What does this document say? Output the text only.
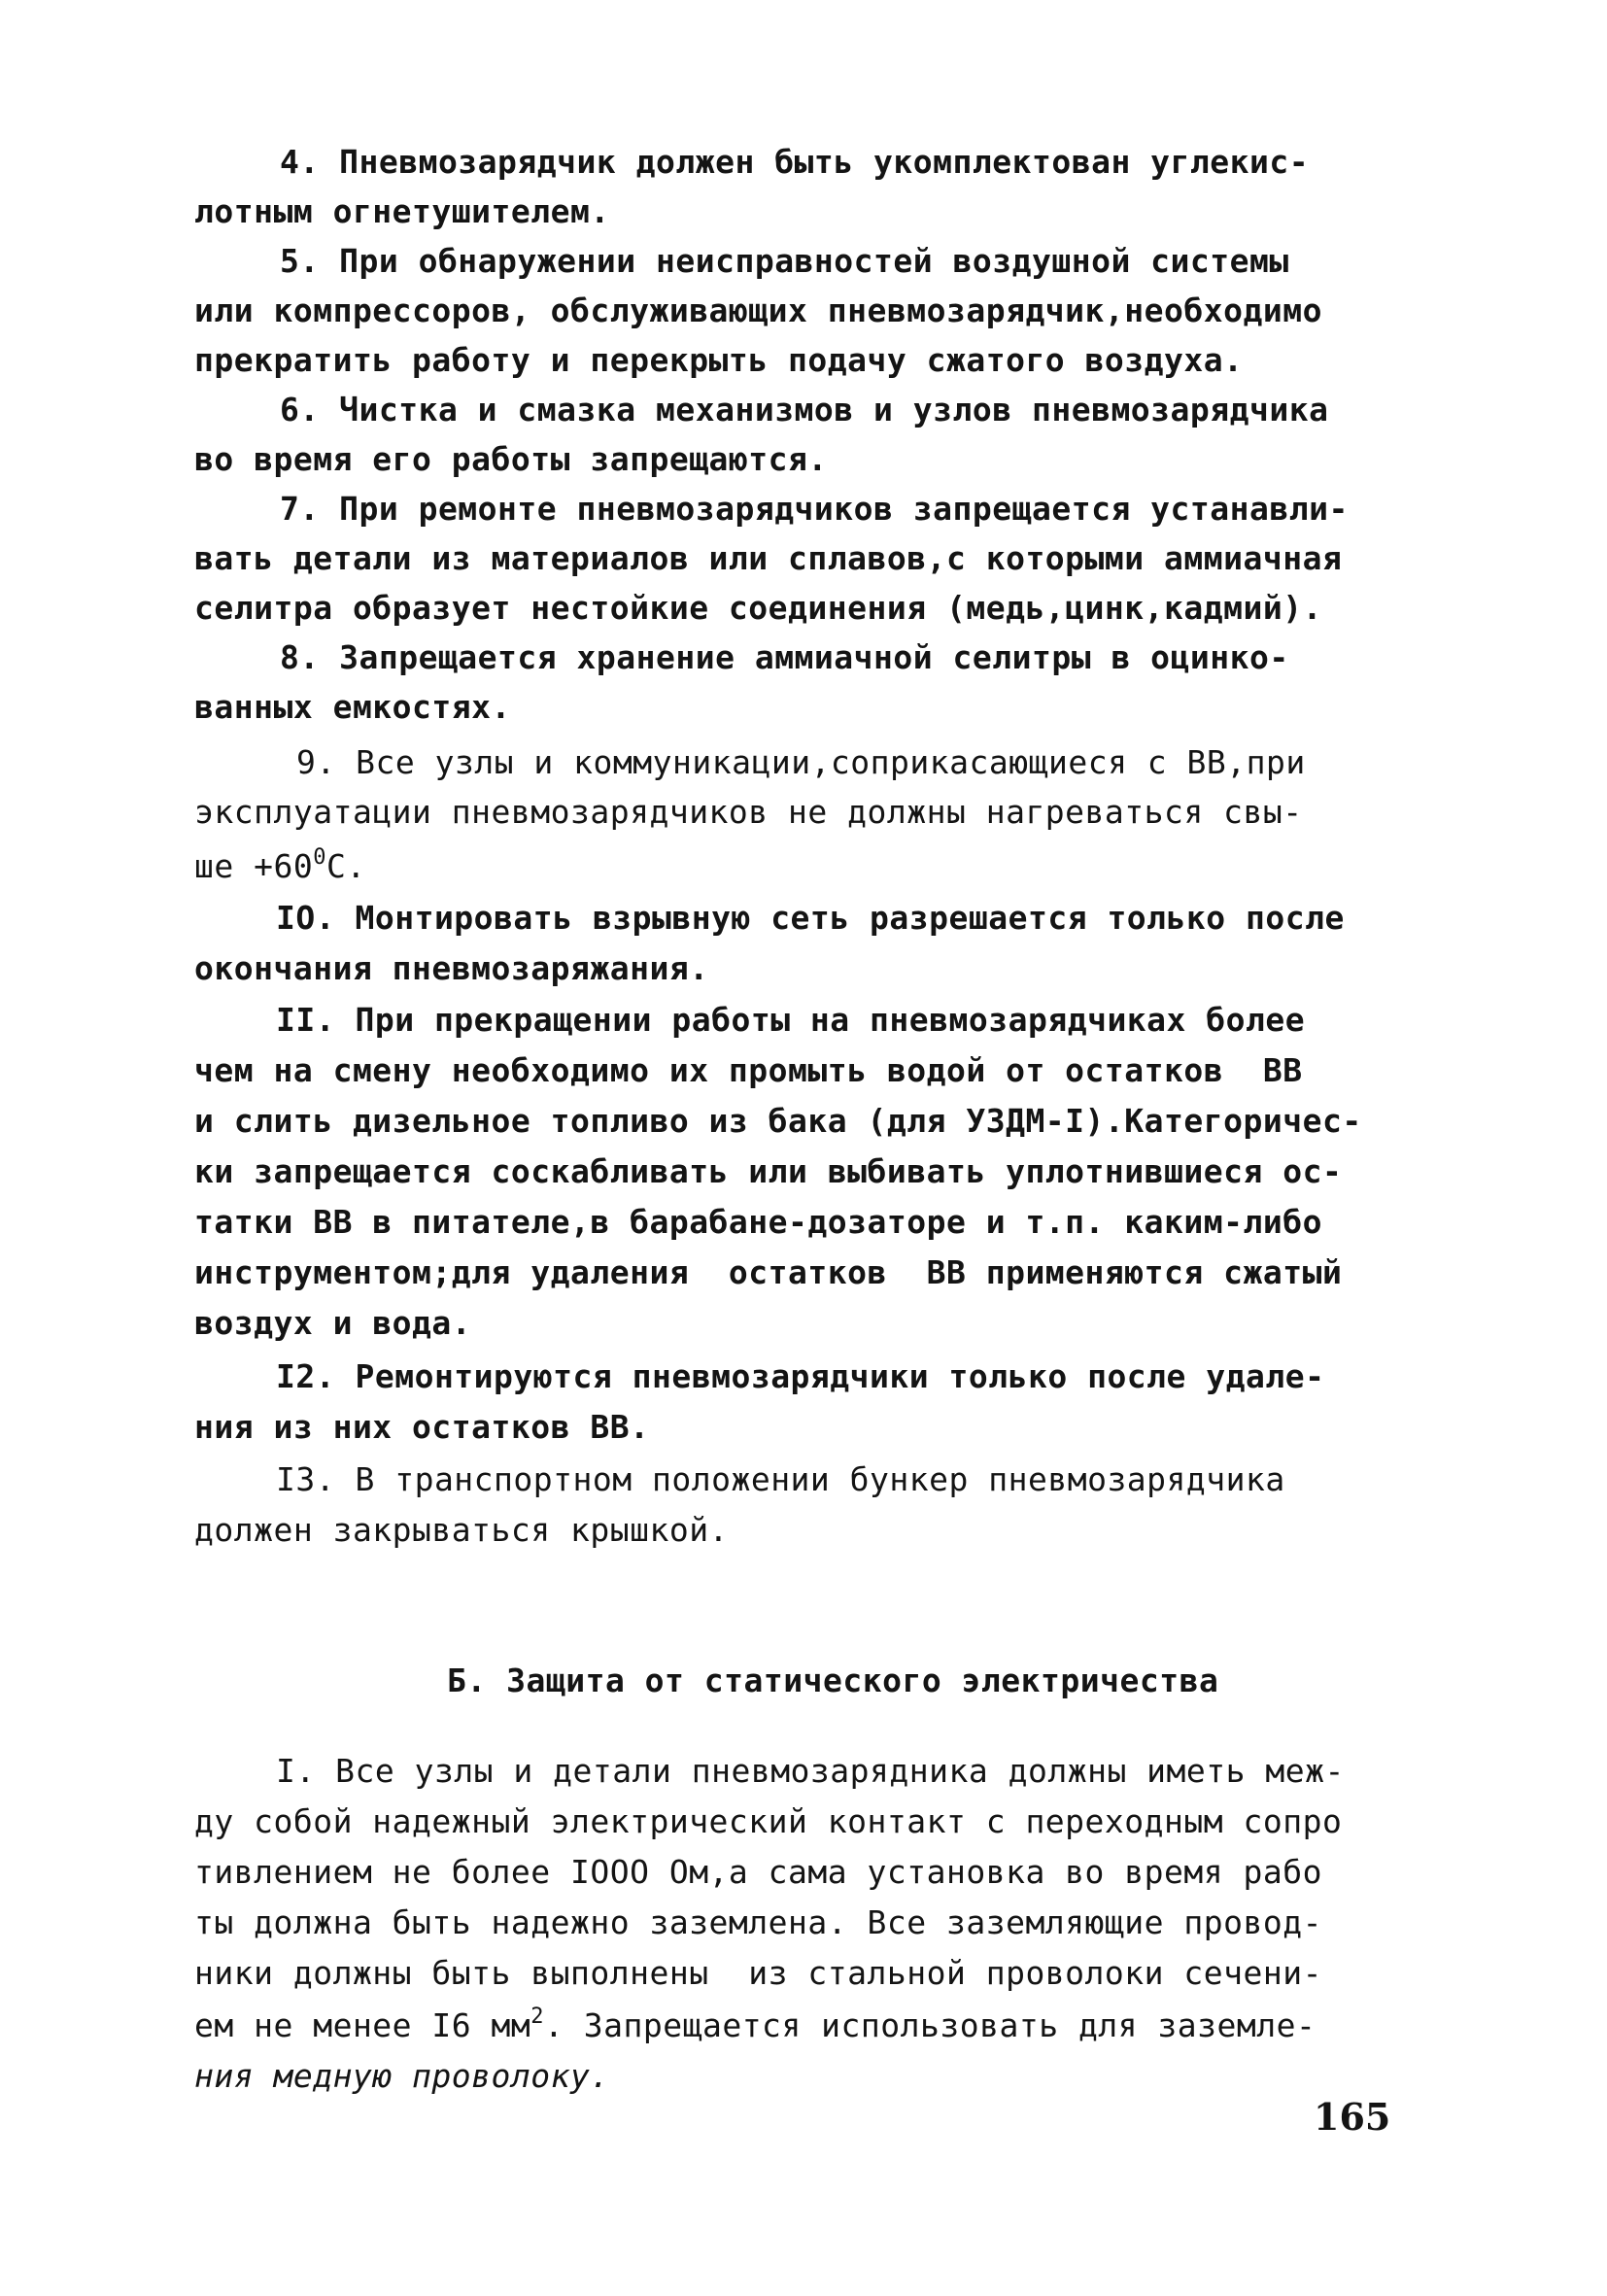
4. Пневмозарядчик должен быть укомплектован углекис-
лотным огнетушителем.
5. При обнаружении неисправностей воздушной системы
или компрессоров, обслуживающих пневмозарядчик,необходимо
прекратить работу и перекрыть подачу сжатого воздуха.
6. Чистка и смазка механизмов и узлов пневмозарядчика
во время его работы запрещаются.
7. При ремонте пневмозарядчиков запрещается устанавли-
вать детали из материалов или сплавов,с которыми аммиачная
селитра образует нестойкие соединения (медь,цинк,кадмий).
8. Запрещается хранение аммиачной селитры в оцинко-
ванных емкостях.
9. Все узлы и коммуникации,соприкасающиеся с ВВ,при
эксплуатации пневмозарядчиков не должны нагреваться свы-
ше $+60^0С$.
IO. Монтировать взрывную сеть разрешается только после
окончания пневмозаряжания.
II. При прекращении работы на пневмозарядчиках более
чем на смену необходимо их промыть водой от остатков  ВВ
и слить дизельное топливо из бака (для УЗДМ-I).Категоричес-
ки запрещается соскабливать или выбивать уплотнившиеся ос-
татки ВВ в питателе,в барабане-дозаторе и т.п. каким-либо
инструментом;для удаления  остатков  ВВ применяются сжатый
воздух и вода.
I2. Ремонтируются пневмозарядчики только после удале-
ния из них остатков ВВ.
I3. В транспортном положении бункер пневмозарядчика
должен закрываться крышкой.
Б. Защита от статического электричества
I. Все узлы и детали пневмозарядника должны иметь меж-
ду собой надежный электрический контакт с переходным сопро
тивлением не более IOOO Ом,а сама установка во время рабо
ты должна быть надежно заземлена. Все заземляющие провод-
ники должны быть выполнены  из стальной проволоки сечени-
ем не менее I6 $мм^2$. Запрещается использовать для заземле-
ния медную проволоку.
165
